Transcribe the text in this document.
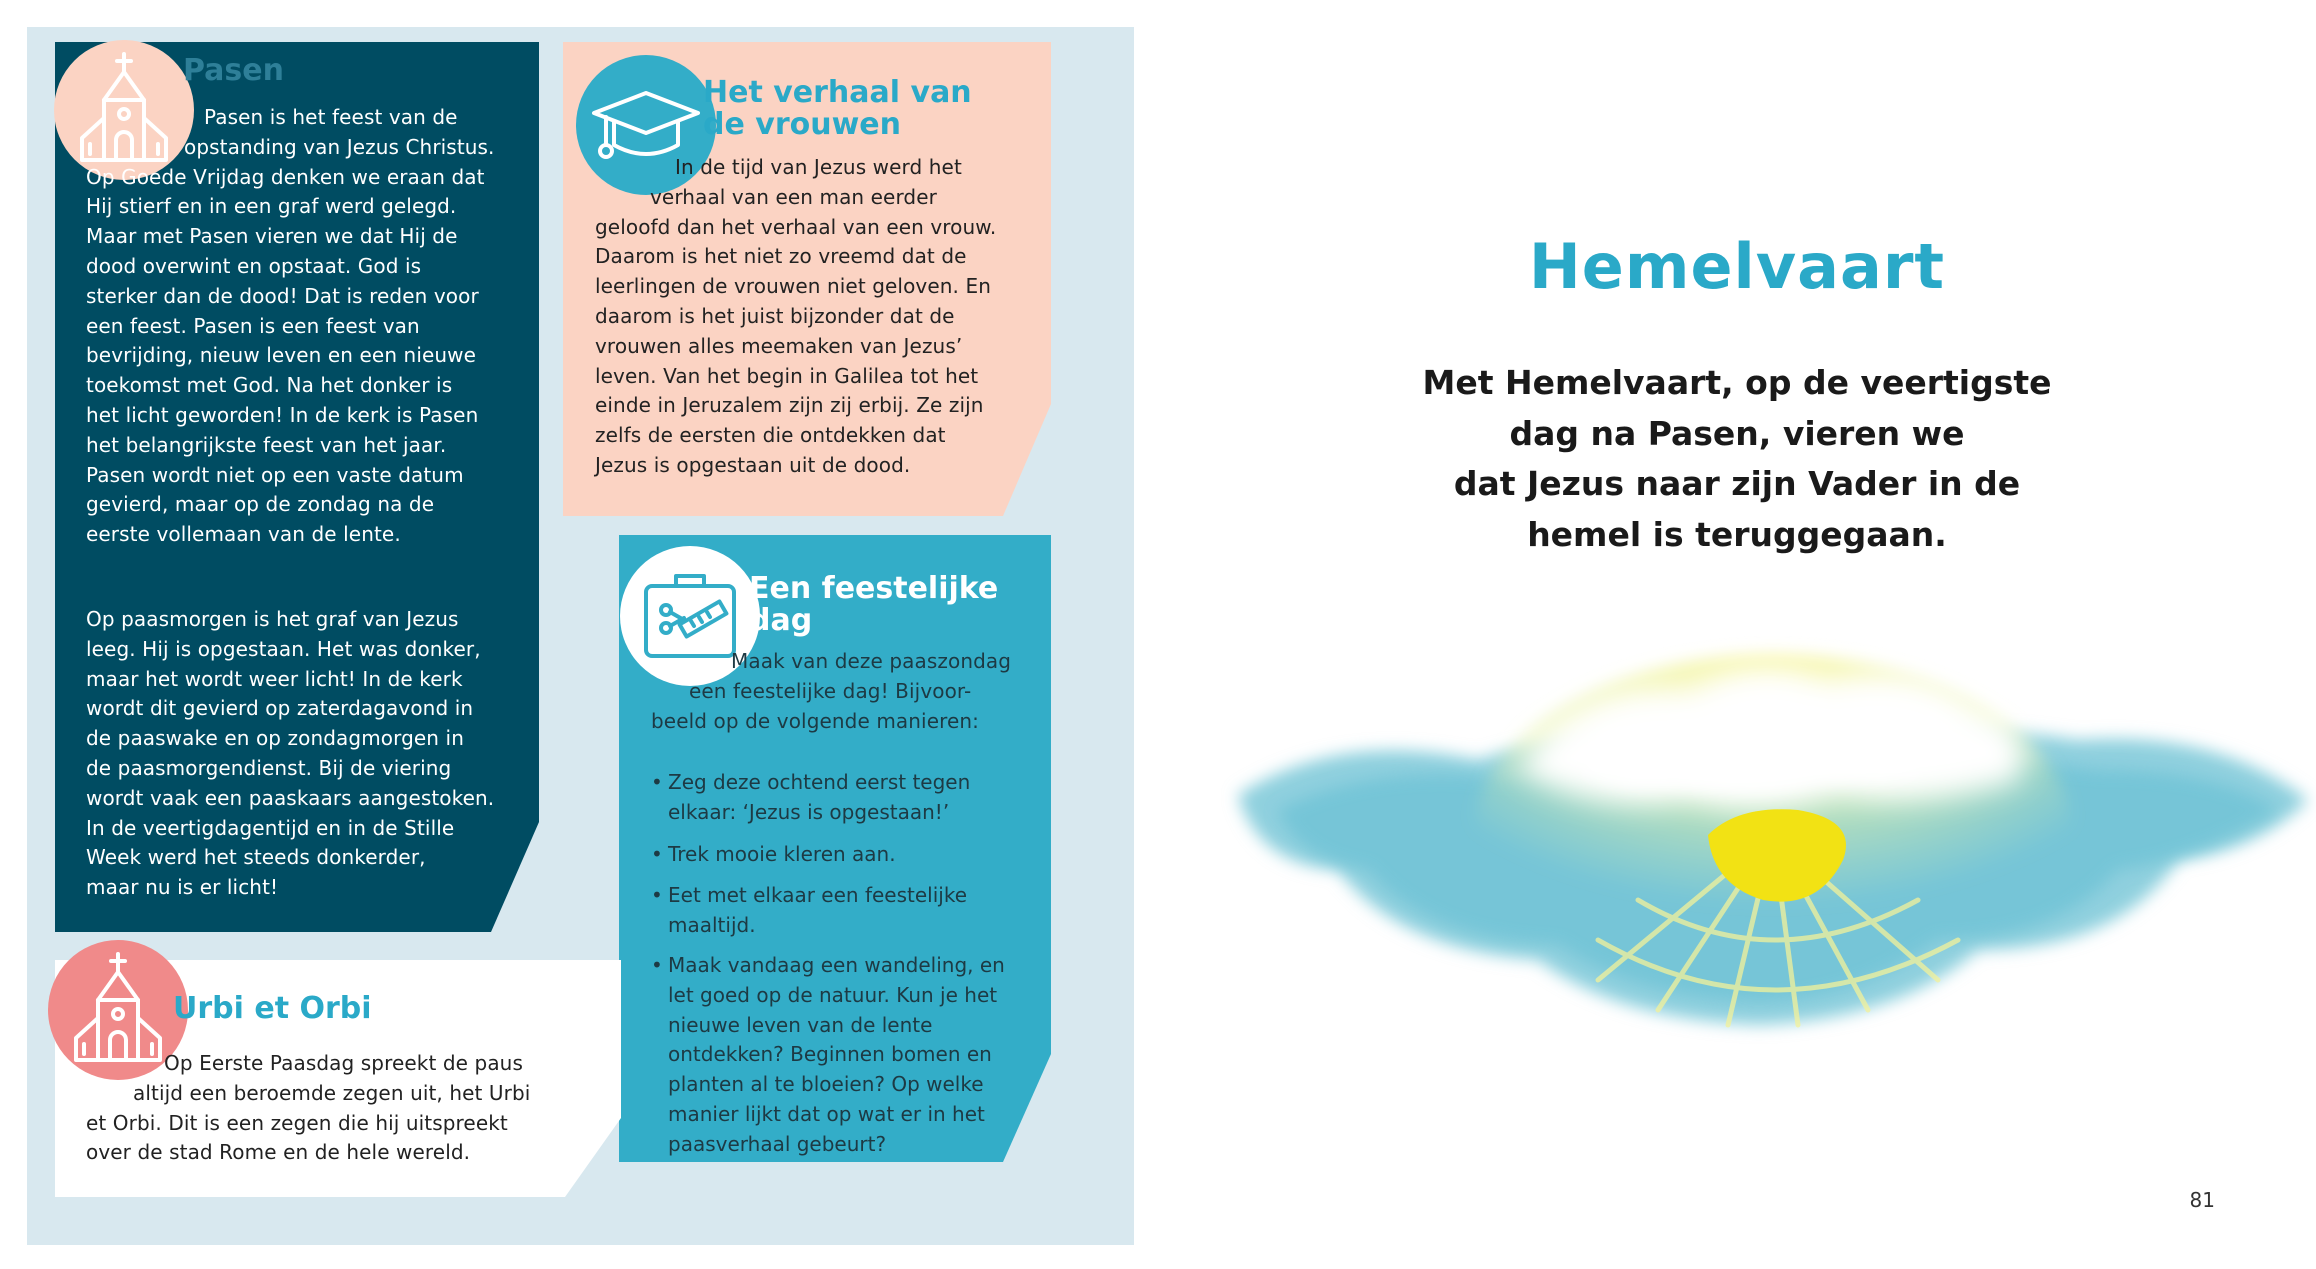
Pasen
Pasen is het feest van de
opstanding van Jezus Christus.
Op Goede Vrijdag denken we eraan dat
Hij stierf en in een graf werd gelegd.
Maar met Pasen vieren we dat Hij de
dood overwint en opstaat. God is
sterker dan de dood! Dat is reden voor
een feest. Pasen is een feest van
bevrijding, nieuw leven en een nieuwe
toekomst met God. Na het donker is
het licht geworden! In de kerk is Pasen
het belangrijkste feest van het jaar.
Pasen wordt niet op een vaste datum
gevierd, maar op de zondag na de
eerste vollemaan van de lente.
Op paasmorgen is het graf van Jezus
leeg. Hij is opgestaan. Het was donker,
maar het wordt weer licht! In de kerk
wordt dit gevierd op zaterdagavond in
de paaswake en op zondagmorgen in
de paasmorgendienst. Bij de viering
wordt vaak een paaskaars aangestoken.
In de veertigdagentijd en in de Stille
Week werd het steeds donkerder,
maar nu is er licht!
Het verhaal van
de vrouwen
In de tijd van Jezus werd het
verhaal van een man eerder
geloofd dan het verhaal van een vrouw.
Daarom is het niet zo vreemd dat de
leerlingen de vrouwen niet geloven. En
daarom is het juist bijzonder dat de
vrouwen alles meemaken van Jezus’
leven. Van het begin in Galilea tot het
einde in Jeruzalem zijn zij erbij. Ze zijn
zelfs de eersten die ontdekken dat
Jezus is opgestaan uit de dood.
Een feestelijke
dag
Maak van deze paaszondag
een feestelijke dag! Bijvoor-
beeld op de volgende manieren:
• Zeg deze ochtend eerst tegen
elkaar: ‘Jezus is opgestaan!’
• Trek mooie kleren aan.
• Eet met elkaar een feestelijke
maaltijd.
• Maak vandaag een wandeling, en
let goed op de natuur. Kun je het
nieuwe leven van de lente
ontdekken? Beginnen bomen en
planten al te bloeien? Op welke
manier lijkt dat op wat er in het
paasverhaal gebeurt?
Urbi et Orbi
Op Eerste Paasdag spreekt de paus
altijd een beroemde zegen uit, het Urbi
et Orbi. Dit is een zegen die hij uitspreekt
over de stad Rome en de hele wereld.
Hemelvaart
Met Hemelvaart, op de veertigste
dag na Pasen, vieren we
dat Jezus naar zijn Vader in de
hemel is teruggegaan.
81
